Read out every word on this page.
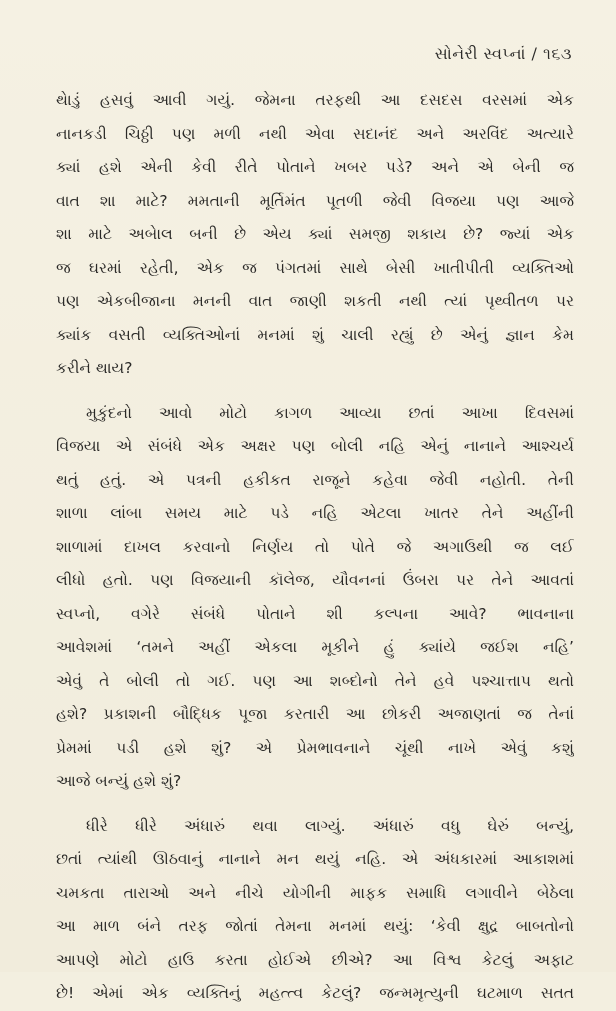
સોનેરી સ્વપ્નાં / ૧૬૩

થેાડું હસવું આવી ગયું. જેમના તરફથી આ દસદસ વરસમાં એક
નાનકડી ચિઠ્ઠી પણ મળી નથી એવા સદાનંદ અને અરવિંદ અત્યારે
ક્યાં હશે એની કેવી રીતે પોતાને ખબર પડે? અને એ બેની જ
વાત શા માટે? મમતાની મૂર્તિમંત પૂતળી જેવી વિજયા પણ આજે
શા માટે અબેાલ બની છે એય ક્યાં સમજી શકાય છે? જ્યાં એક
જ ઘરમાં રહેતી, એક જ પંગતમાં સાથે બેસી ખાતીપીતી વ્યક્તિઓ
પણ એકબીજાના મનની વાત જાણી શકતી નથી ત્યાં પૃથ્વીતળ પર
ક્યાંક વસતી વ્યક્તિઓનાં મનમાં શું ચાલી રહ્યું છે એનું જ્ઞાન કેમ
કરીને થાય?

મુકુંદનો આવો મોટો કાગળ આવ્યા છતાં આખા દિવસમાં
વિજયા એ સંબંધે એક અક્ષર પણ બોલી નહિ એનું નાનાને આશ્ચર્ય
થતું હતું. એ પત્રની હકીકત રાજૂને કહેવા જેવી નહોતી. તેની
શાળા લાંબા સમય માટે પડે નહિ એટલા ખાતર તેને અહીંની
શાળામાં દાખલ કરવાનો નિર્ણય તો પોતે જે અગાઉથી જ લઈ
લીધો હતો. પણ વિજયાની કૉલેજ, યૌવનનાં ઉંબરા પર તેને આવતાં
સ્વપ્નો, વગેરે સંબંધે પોતાને શી કલ્પના આવે? ભાવનાના
આવેશમાં ‘તમને અહીં એકલા મૂકીને હું ક્યાંયે જઈશ નહિ’
એવું તે બોલી તો ગઈ. પણ આ શબ્દોનો તેને હવે પશ્ચાત્તાપ થતો
હશે? પ્રકાશની બૌદ્ધિક પૂજા કરતારી આ છોકરી અજાણતાં જ તેનાં
પ્રેમમાં પડી હશે શું? એ પ્રેમભાવનાને ચૂંથી નાખે એવું કશું
આજે બન્યું હશે શું?

ધીરે ધીરે અંધારું થવા લાગ્યું. અંધારું વધુ ઘેરું બન્યું,
છતાં ત્યાંથી ઊઠવાનું નાનાને મન થયું નહિ. એ અંધકારમાં આકાશમાં
ચમકતા તારાઓ અને નીચે યોગીની માફક સમાધિ લગાવીને બેઠેલા
આ માળ બંને તરફ જોતાં તેમના મનમાં થયું: ‘કેવી ક્ષુદ્ર બાબતોનો
આપણે મોટો હાઉ કરતા હોઈએ છીએ? આ વિશ્વ કેટલું અફાટ
છે! એમાં એક વ્યક્તિનું મહત્ત્વ કેટલું? જન્મમૃત્યુની ઘટમાળ સતત
